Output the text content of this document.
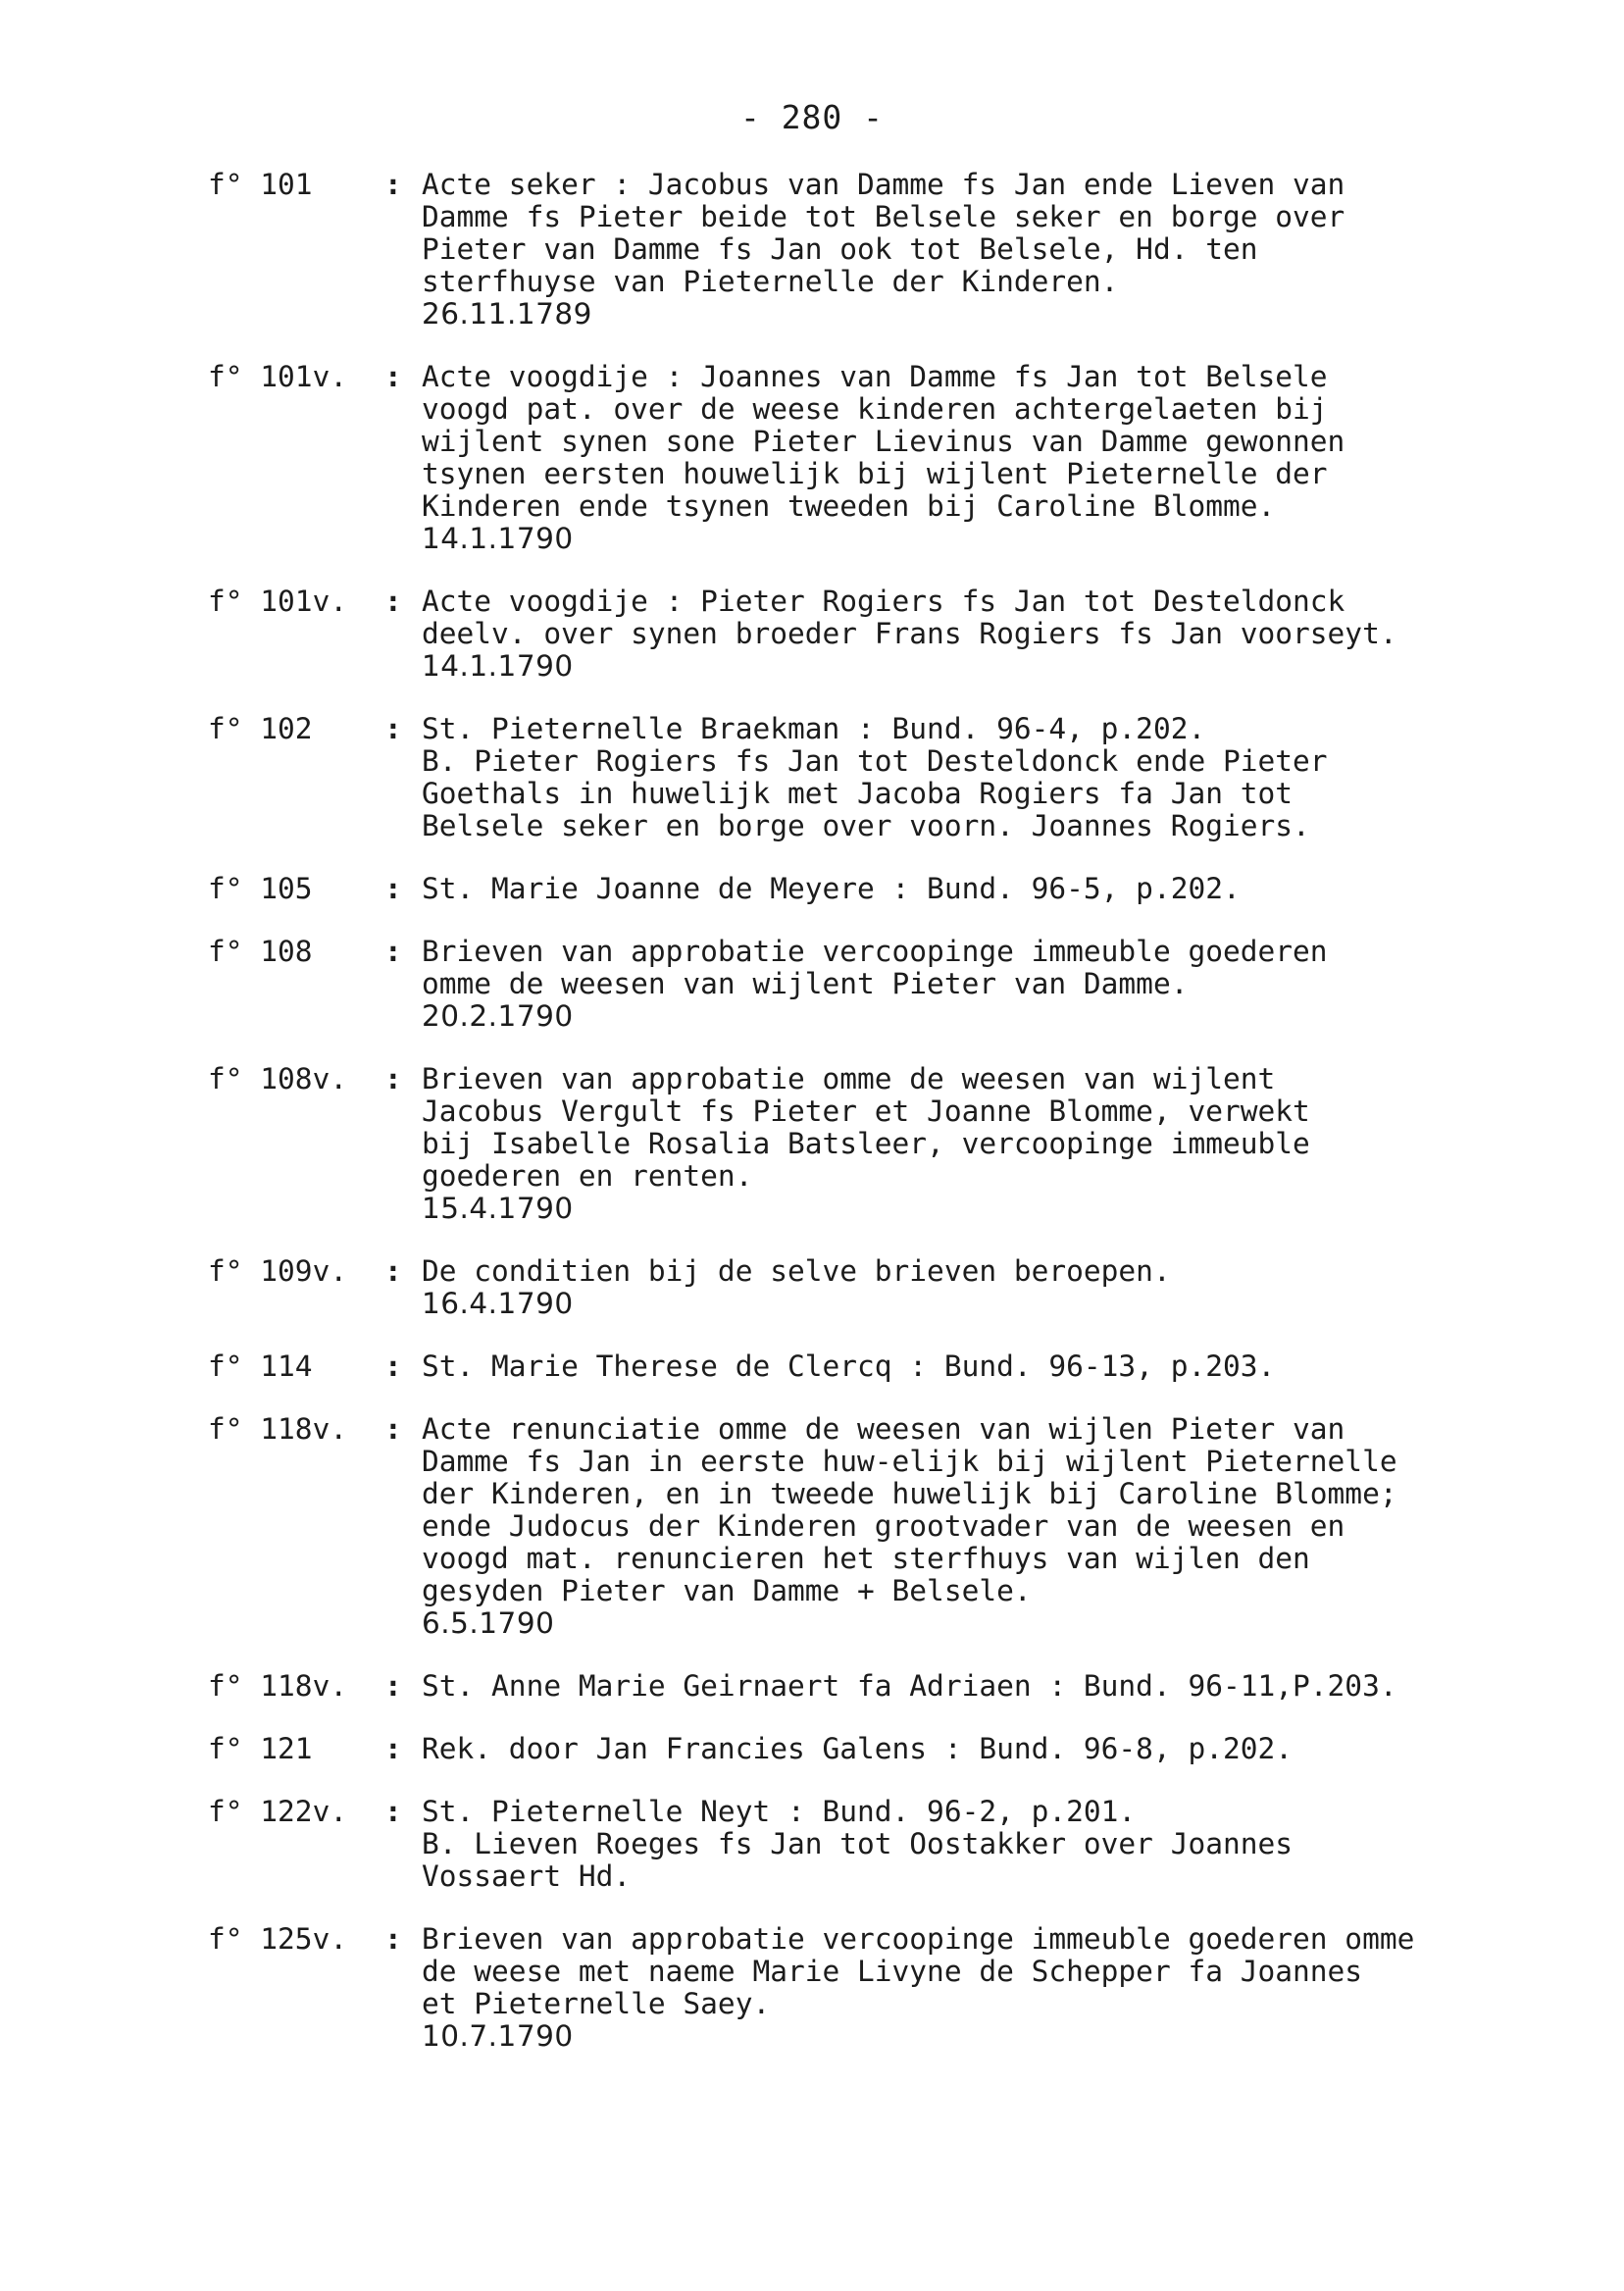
- 280 -
f° 101	: Acte seker : Jacobus van Damme fs Jan ende Lieven van
Damme fs Pieter beide tot Belsele seker en borge over
Pieter van Damme fs Jan ook tot Belsele, Hd. ten
sterfhuyse van Pieternelle der Kinderen.
26.11.1789
f° 101v.	: Acte voogdije : Joannes van Damme fs Jan tot Belsele
voogd pat. over de weese kinderen achtergelaeten bij
wijlent synen sone Pieter Lievinus van Damme gewonnen
tsynen eersten houwelijk bij wijlent Pieternelle der
Kinderen ende tsynen tweeden bij Caroline Blomme.
14.1.1790
f° 101v.	: Acte voogdije : Pieter Rogiers fs Jan tot Desteldonck
deelv. over synen broeder Frans Rogiers fs Jan voorseyt.
14.1.1790
f° 102	: St. Pieternelle Braekman : Bund. 96-4, p.202.
B. Pieter Rogiers fs Jan tot Desteldonck ende Pieter
Goethals in huwelijk met Jacoba Rogiers fa Jan tot
Belsele seker en borge over voorn. Joannes Rogiers.
f° 105	: St. Marie Joanne de Meyere : Bund. 96-5, p.202.
f° 108	: Brieven van approbatie vercoopinge immeuble goederen
omme de weesen van wijlent Pieter van Damme.
20.2.1790
f° 108v.	: Brieven van approbatie omme de weesen van wijlent
Jacobus Vergult fs Pieter et Joanne Blomme, verwekt
bij Isabelle Rosalia Batsleer, vercoopinge immeuble
goederen en renten.
15.4.1790
f° 109v.	: De conditien bij de selve brieven beroepen.
16.4.1790
f° 114	: St. Marie Therese de Clercq : Bund. 96-13, p.203.
f° 118v.	: Acte renunciatie omme de weesen van wijlen Pieter van
Damme fs Jan in eerste huw-elijk bij wijlent Pieternelle
der Kinderen, en in tweede huwelijk bij Caroline Blomme;
ende Judocus der Kinderen grootvader van de weesen en
voogd mat. renuncieren het sterfhuys van wijlen den
gesyden Pieter van Damme + Belsele.
6.5.1790
f° 118v.	: St. Anne Marie Geirnaert fa Adriaen : Bund. 96-11,P.203.
f° 121	: Rek. door Jan Francies Galens : Bund. 96-8, p.202.
f° 122v.	: St. Pieternelle Neyt : Bund. 96-2, p.201.
B. Lieven Roeges fs Jan tot Oostakker over Joannes
Vossaert Hd.
f° 125v.	: Brieven van approbatie vercoopinge immeuble goederen omme
de weese met naeme Marie Livyne de Schepper fa Joannes
et Pieternelle Saey.
10.7.1790
